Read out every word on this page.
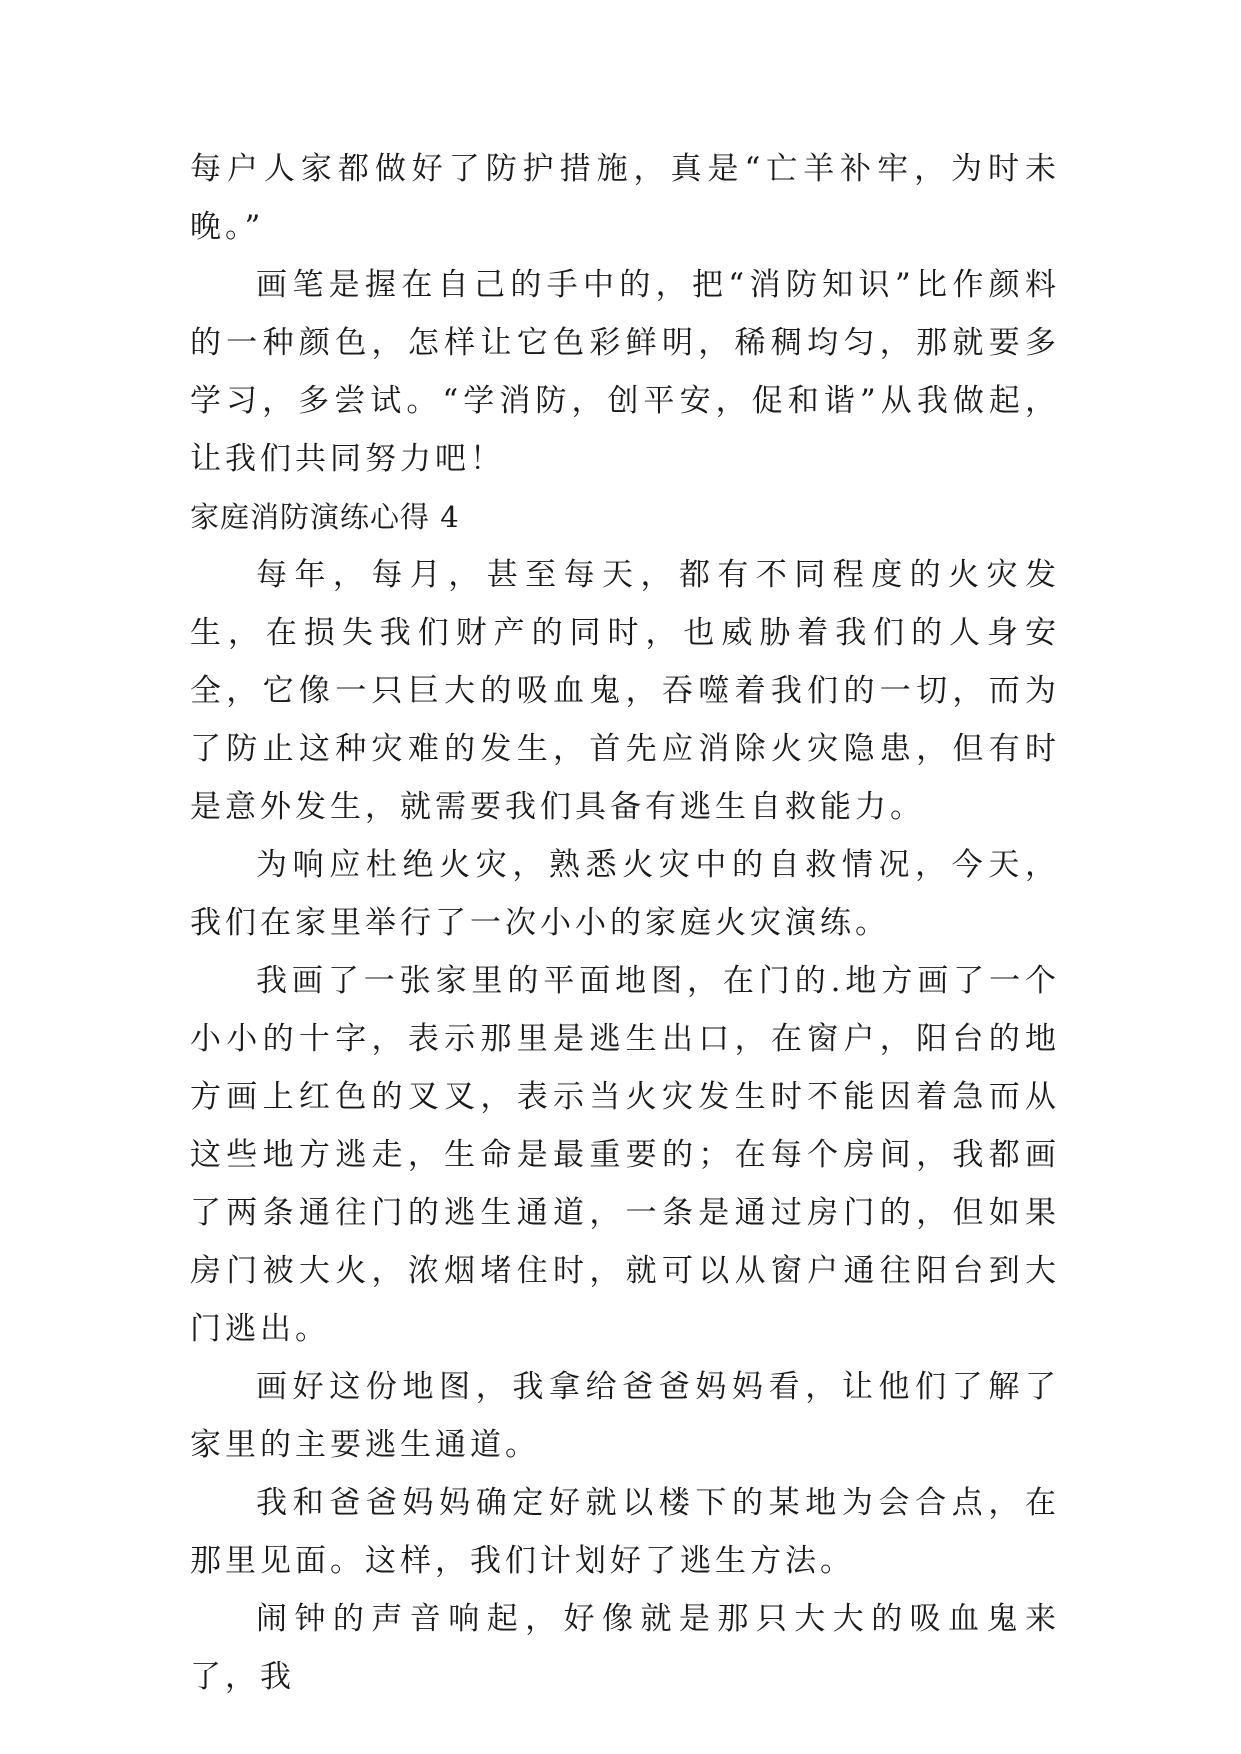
每户人家都做好了防护措施，真是“亡羊补牢，为时未晚。”

画笔是握在自己的手中的，把“消防知识”比作颜料的一种颜色，怎样让它色彩鲜明，稀稠均匀，那就要多学习，多尝试。“学消防，创平安，促和谐”从我做起，让我们共同努力吧！

家庭消防演练心得 4

每年，每月，甚至每天，都有不同程度的火灾发生，在损失我们财产的同时，也威胁着我们的人身安全，它像一只巨大的吸血鬼，吞噬着我们的一切，而为了防止这种灾难的发生，首先应消除火灾隐患，但有时是意外发生，就需要我们具备有逃生自救能力。

为响应杜绝火灾，熟悉火灾中的自救情况，今天，我们在家里举行了一次小小的家庭火灾演练。

我画了一张家里的平面地图，在门的.地方画了一个小小的十字，表示那里是逃生出口，在窗户，阳台的地方画上红色的叉叉，表示当火灾发生时不能因着急而从这些地方逃走，生命是最重要的；在每个房间，我都画了两条通往门的逃生通道，一条是通过房门的，但如果房门被大火，浓烟堵住时，就可以从窗户通往阳台到大门逃出。

画好这份地图，我拿给爸爸妈妈看，让他们了解了家里的主要逃生通道。

我和爸爸妈妈确定好就以楼下的某地为会合点，在那里见面。这样，我们计划好了逃生方法。

闹钟的声音响起，好像就是那只大大的吸血鬼来了，我
